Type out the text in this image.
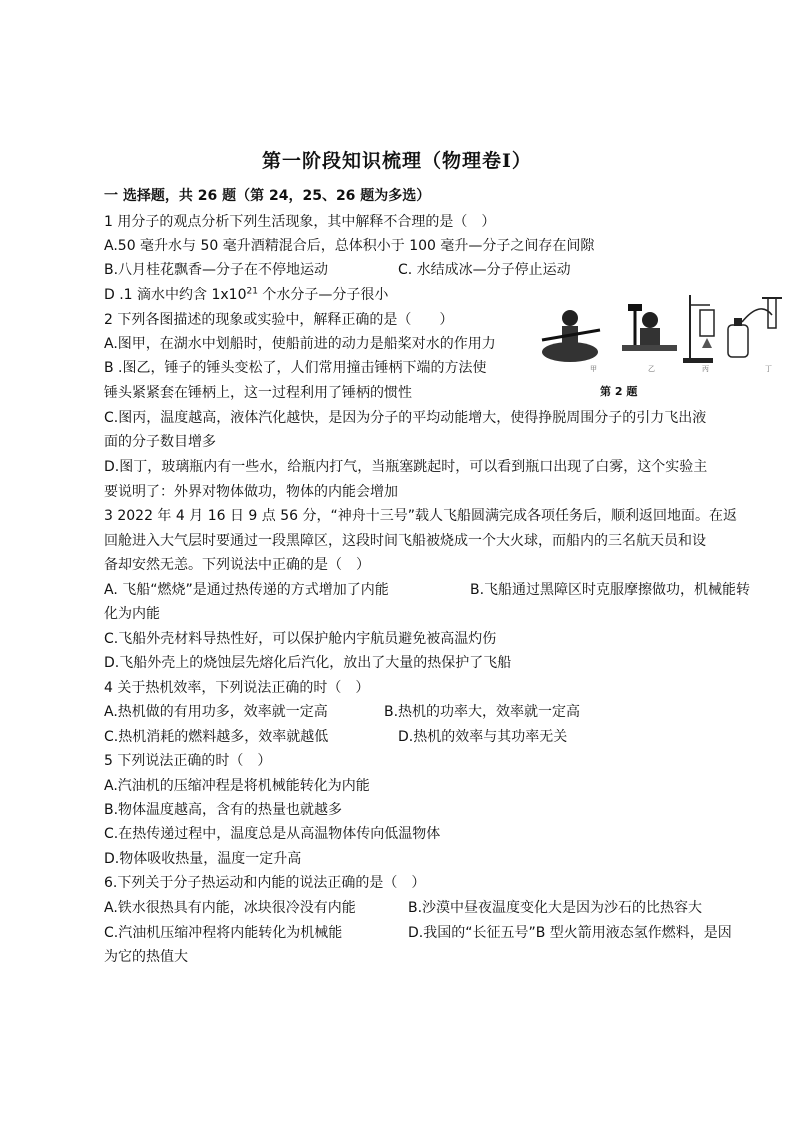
第一阶段知识梳理（物理卷Ⅰ）
一 选择题，共 26 题（第 24，25、26 题为多选）
1 用分子的观点分析下列生活现象，其中解释不合理的是（　）
A.50 毫升水与 50 毫升酒精混合后，总体积小于 100 毫升—分子之间存在间隙
B.八月桂花飘香—分子在不停地运动	C. 水结成冰—分子停止运动
D .1 滴水中约含 $1x10^{21}$ 个水分子—分子很小
2 下列各图描述的现象或实验中，解释正确的是（　　）
A.图甲，在湖水中划船时，使船前进的动力是船桨对水的作用力
B .图乙，锤子的锤头变松了，人们常用撞击锤柄下端的方法使
锤头紧紧套在锤柄上，这一过程利用了锤柄的惯性
C.图丙，温度越高，液体汽化越快，是因为分子的平均动能增大，使得挣脱周围分子的引力飞出液
面的分子数目增多
D.图丁，玻璃瓶内有一些水，给瓶内打气，当瓶塞跳起时，可以看到瓶口出现了白雾，这个实验主
要说明了：外界对物体做功，物体的内能会增加
甲	乙	丙	丁
第 2 题
3 2022 年 4 月 16 日 9 点 56 分，“神舟十三号”载人飞船圆满完成各项任务后，顺利返回地面。在返
回舱进入大气层时要通过一段黑障区，这段时间飞船被烧成一个大火球，而船内的三名航天员和设
备却安然无恙。下列说法中正确的是（　）
A. 飞船“燃烧”是通过热传递的方式增加了内能	B.飞船通过黑障区时克服摩擦做功，机械能转
化为内能
C.飞船外壳材料导热性好，可以保护舱内宇航员避免被高温灼伤
D.飞船外壳上的烧蚀层先熔化后汽化，放出了大量的热保护了飞船
4 关于热机效率，下列说法正确的时（　）
A.热机做的有用功多，效率就一定高	B.热机的功率大，效率就一定高
C.热机消耗的燃料越多，效率就越低	D.热机的效率与其功率无关
5 下列说法正确的时（　）
A.汽油机的压缩冲程是将机械能转化为内能
B.物体温度越高，含有的热量也就越多
C.在热传递过程中，温度总是从高温物体传向低温物体
D.物体吸收热量，温度一定升高
6.下列关于分子热运动和内能的说法正确的是（　）
A.铁水很热具有内能，冰块很冷没有内能	B.沙漠中昼夜温度变化大是因为沙石的比热容大
C.汽油机压缩冲程将内能转化为机械能	D.我国的“长征五号”B 型火箭用液态氢作燃料，是因
为它的热值大
